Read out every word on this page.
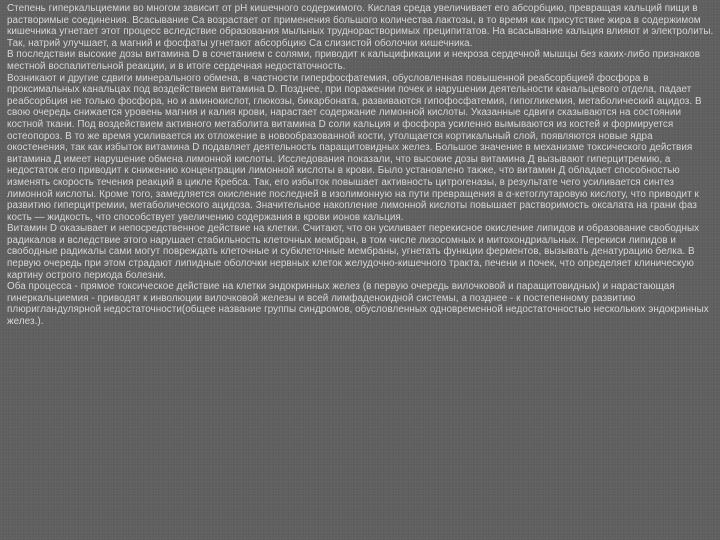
Степень гиперкальциемии во многом зависит от pH кишечного содержимого. Кислая среда увеличивает его абсорбцию, превращая кальций пищи в растворимые соединения. Всасывание Са возрастает от применения большого количества лактозы, в то время как присутствие жира в содержимом кишечника угнетает этот процесс вследствие образования мыльных труднорастворимых преципитатов. На всасывание кальция влияют и электролиты. Так, натрий улучшает, а магний и фосфаты угнетают абсорбцию Са слизистой оболочки кишечника.

В последствии высокие дозы витамина D в сочетанием с солями, приводит к кальцификации и некроза сердечной мышцы без каких-либо признаков местной воспалительной реакции, и в итоге сердечная недостаточность.

Возникают и другие сдвиги минерального обмена, в частности гиперфосфатемия, обусловленная повышенной реабсорбцией фосфора в проксимальных канальцах под воздействием витамина D. Позднее, при поражении почек и нарушении деятельности канальцевого отдела, падает реабсорбция не только фосфора, но и аминокислот, глюкозы, бикарбоната, развиваются гипофосфатемия, гипогликемия, метаболический ацидоз. В свою очередь снижается уровень магния и калия крови, нарастает содержание лимонной кислоты. Указанные сдвиги сказываются на состоянии костной ткани. Под воздействием активного метаболита витамина D соли кальция и фосфора усиленно вымываются из костей и формируется остеопороз. В то же время усиливается их отложение в новообразованной кости, утолщается кортикальный слой, появляются новые ядра окостенения, так как избыток витамина D подавляет деятельность паращитовидных желез. Большое значение в механизме токсического действия витамина Д имеет нарушение обмена лимонной кислоты. Исследования показали, что высокие дозы витамина Д вызывают гиперцитремию, а недостаток его приводит к снижению концентрации лимонной кислоты в крови. Было установлено также, что витамин Д обладает способностью изменять скорость течения реакций в цикле Кребса. Так, его избыток повышает активность цитрогеназы, в результате чего усиливается синтез лимонной кислоты. Кроме того, замедляется окисление последней в изолимонную на пути превращения в α-кетоглутаровую кислоту, что приводит к развитию гиперцитремии, метаболического ацидоза. Значительное накопление лимонной кислоты повышает растворимость оксалата на грани фаз кость — жидкость, что способствует увеличению содержания в крови ионов кальция.

Витамин D оказывает и непосредственное действие на клетки. Считают, что он усиливает перекисное окисление липидов и образование свободных радикалов и вследствие этого нарушает стабильность клеточных мембран, в том числе лизосомных и митохондриальных. Перекиси липидов и свободные радикалы сами могут повреждать клеточные и субклеточные мембраны, угнетать функции ферментов, вызывать денатурацию белка. В первую очередь при этом страдают липидные оболочки нервных клеток желудочно-кишечного тракта, печени и почек, что определяет клиническую картину острого периода болезни.

Оба процесса - прямое токсическое действие на клетки эндокринных желез (в первую очередь вилочковой и паращитовидных) и нарастающая гинеркальциемия - приводят к инволюции вилочковой железы и всей лимфаденоидной системы, а позднее - к постепенному развитию плюригландулярной недостаточности(общее название группы синдромов, обусловленных одновременной недостаточностью нескольких эндокринных желез.).
